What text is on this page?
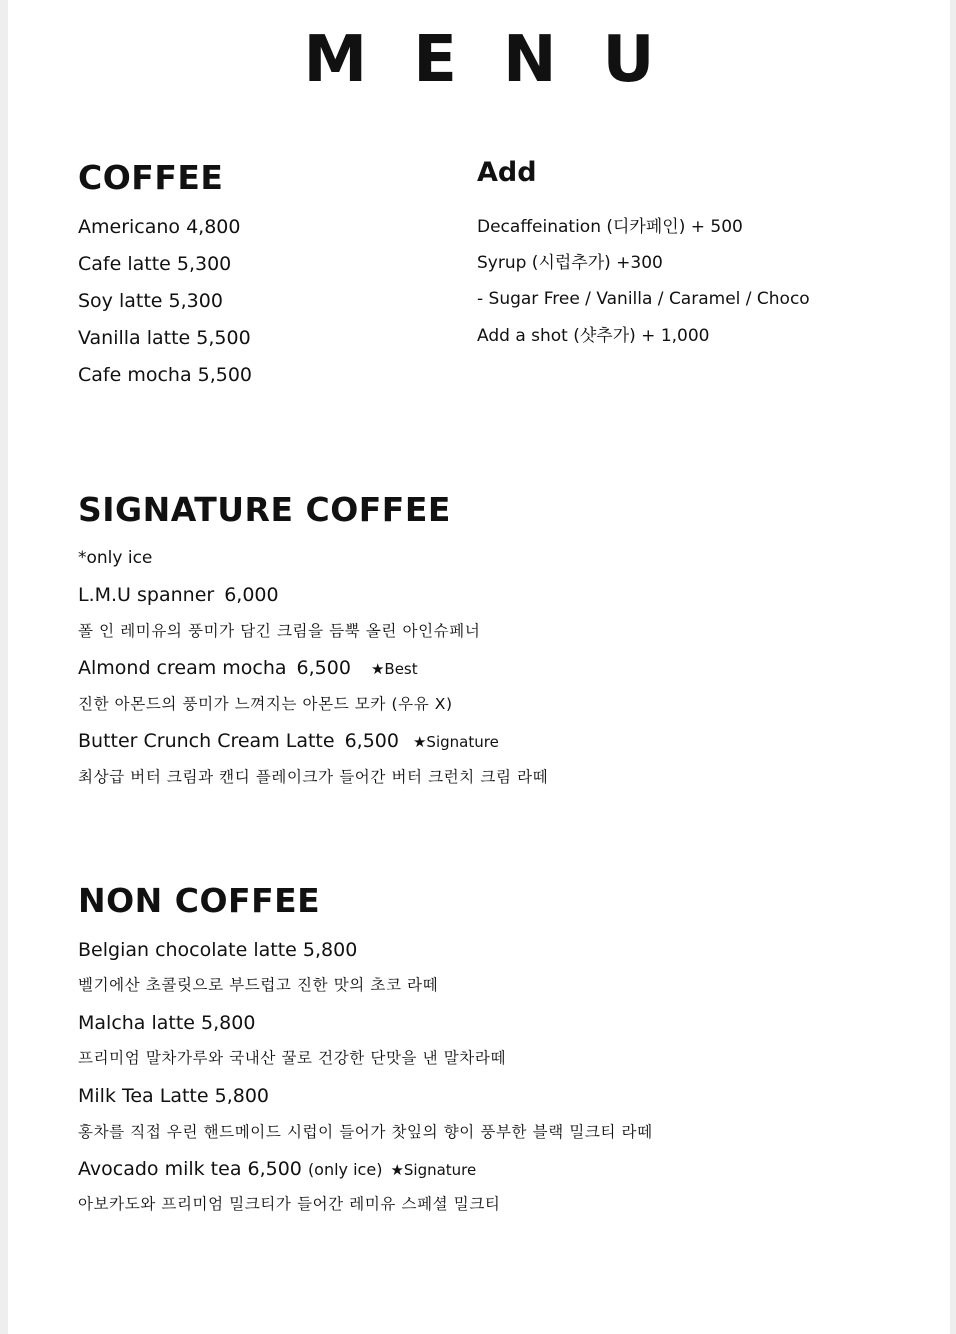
MENU
COFFEE
Americano 4,800
Cafe latte 5,300
Soy latte 5,300
Vanilla latte 5,500
Cafe mocha 5,500
Add
Decaffeination (디카페인) + 500
Syrup (시럽추가) +300
- Sugar Free / Vanilla / Caramel / Choco
Add a shot (샷추가) + 1,000
SIGNATURE COFFEE
*only ice
L.M.U spanner 6,000
폴 인 레미유의 풍미가 담긴 크림을 듬뿍 올린 아인슈페너
Almond cream mocha 6,500 ★Best
진한 아몬드의 풍미가 느껴지는 아몬드 모카 (우유 X)
Butter Crunch Cream Latte 6,500 ★Signature
최상급 버터 크림과 캔디 플레이크가 들어간 버터 크런치 크림 라떼
NON COFFEE
Belgian chocolate latte 5,800
벨기에산 초콜릿으로 부드럽고 진한 맛의 초코 라떼
Malcha latte 5,800
프리미엄 말차가루와 국내산 꿀로 건강한 단맛을 낸 말차라떼
Milk Tea Latte 5,800
홍차를 직접 우린 핸드메이드 시럽이 들어가 찻잎의 향이 풍부한 블랙 밀크티 라떼
Avocado milk tea 6,500 (only ice) ★Signature
아보카도와 프리미엄 밀크티가 들어간 레미유 스페셜 밀크티
